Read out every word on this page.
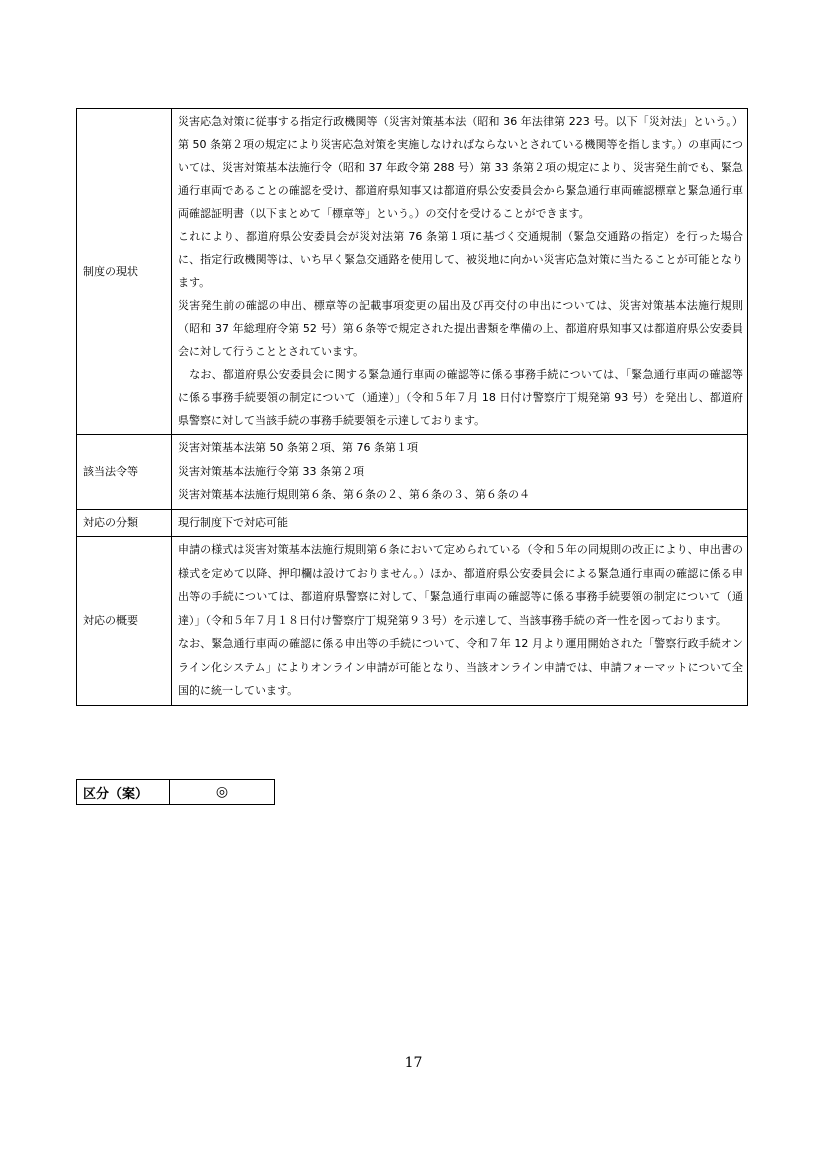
制度の現状	災害応急対策に従事する指定行政機関等（災害対策基本法（昭和 36 年法律第 223 号。以下「災対法」という。）第 50 条第２項の規定により災害応急対策を実施しなければならないとされている機関等を指します。）の車両については、災害対策基本法施行令（昭和 37 年政令第 288 号）第 33 条第２項の規定により、災害発生前でも、緊急通行車両であることの確認を受け、都道府県知事又は都道府県公安委員会から緊急通行車両確認標章と緊急通行車両確認証明書（以下まとめて「標章等」という。）の交付を受けることができます。

これにより、都道府県公安委員会が災対法第 76 条第１項に基づく交通規制（緊急交通路の指定）を行った場合に、指定行政機関等は、いち早く緊急交通路を使用して、被災地に向かい災害応急対策に当たることが可能となります。

災害発生前の確認の申出、標章等の記載事項変更の届出及び再交付の申出については、災害対策基本法施行規則（昭和 37 年総理府令第 52 号）第６条等で規定された提出書類を準備の上、都道府県知事又は都道府県公安委員会に対して行うこととされています。

　なお、都道府県公安委員会に関する緊急通行車両の確認等に係る事務手続については、「緊急通行車両の確認等に係る事務手続要領の制定について（通達）」（令和５年７月 18 日付け警察庁丁規発第 93 号）を発出し、都道府県警察に対して当該手続の事務手続要領を示達しております。

該当法令等	災害対策基本法第 50 条第２項、第 76 条第１項

災害対策基本法施行令第 33 条第２項

災害対策基本法施行規則第６条、第６条の２、第６条の３、第６条の４

対応の分類	現行制度下で対応可能

対応の概要	申請の様式は災害対策基本法施行規則第６条において定められている（令和５年の同規則の改正により、申出書の様式を定めて以降、押印欄は設けておりません。）ほか、都道府県公安委員会による緊急通行車両の確認に係る申出等の手続については、都道府県警察に対して、「緊急通行車両の確認等に係る事務手続要領の制定について（通達）」（令和５年７月１８日付け警察庁丁規発第９３号）を示達して、当該事務手続の斉一性を図っております。

なお、緊急通行車両の確認に係る申出等の手続について、令和７年 12 月より運用開始された「警察行政手続オンライン化システム」によりオンライン申請が可能となり、当該オンライン申請では、申請フォーマットについて全国的に統一しています。

区分（案）	◎
17
